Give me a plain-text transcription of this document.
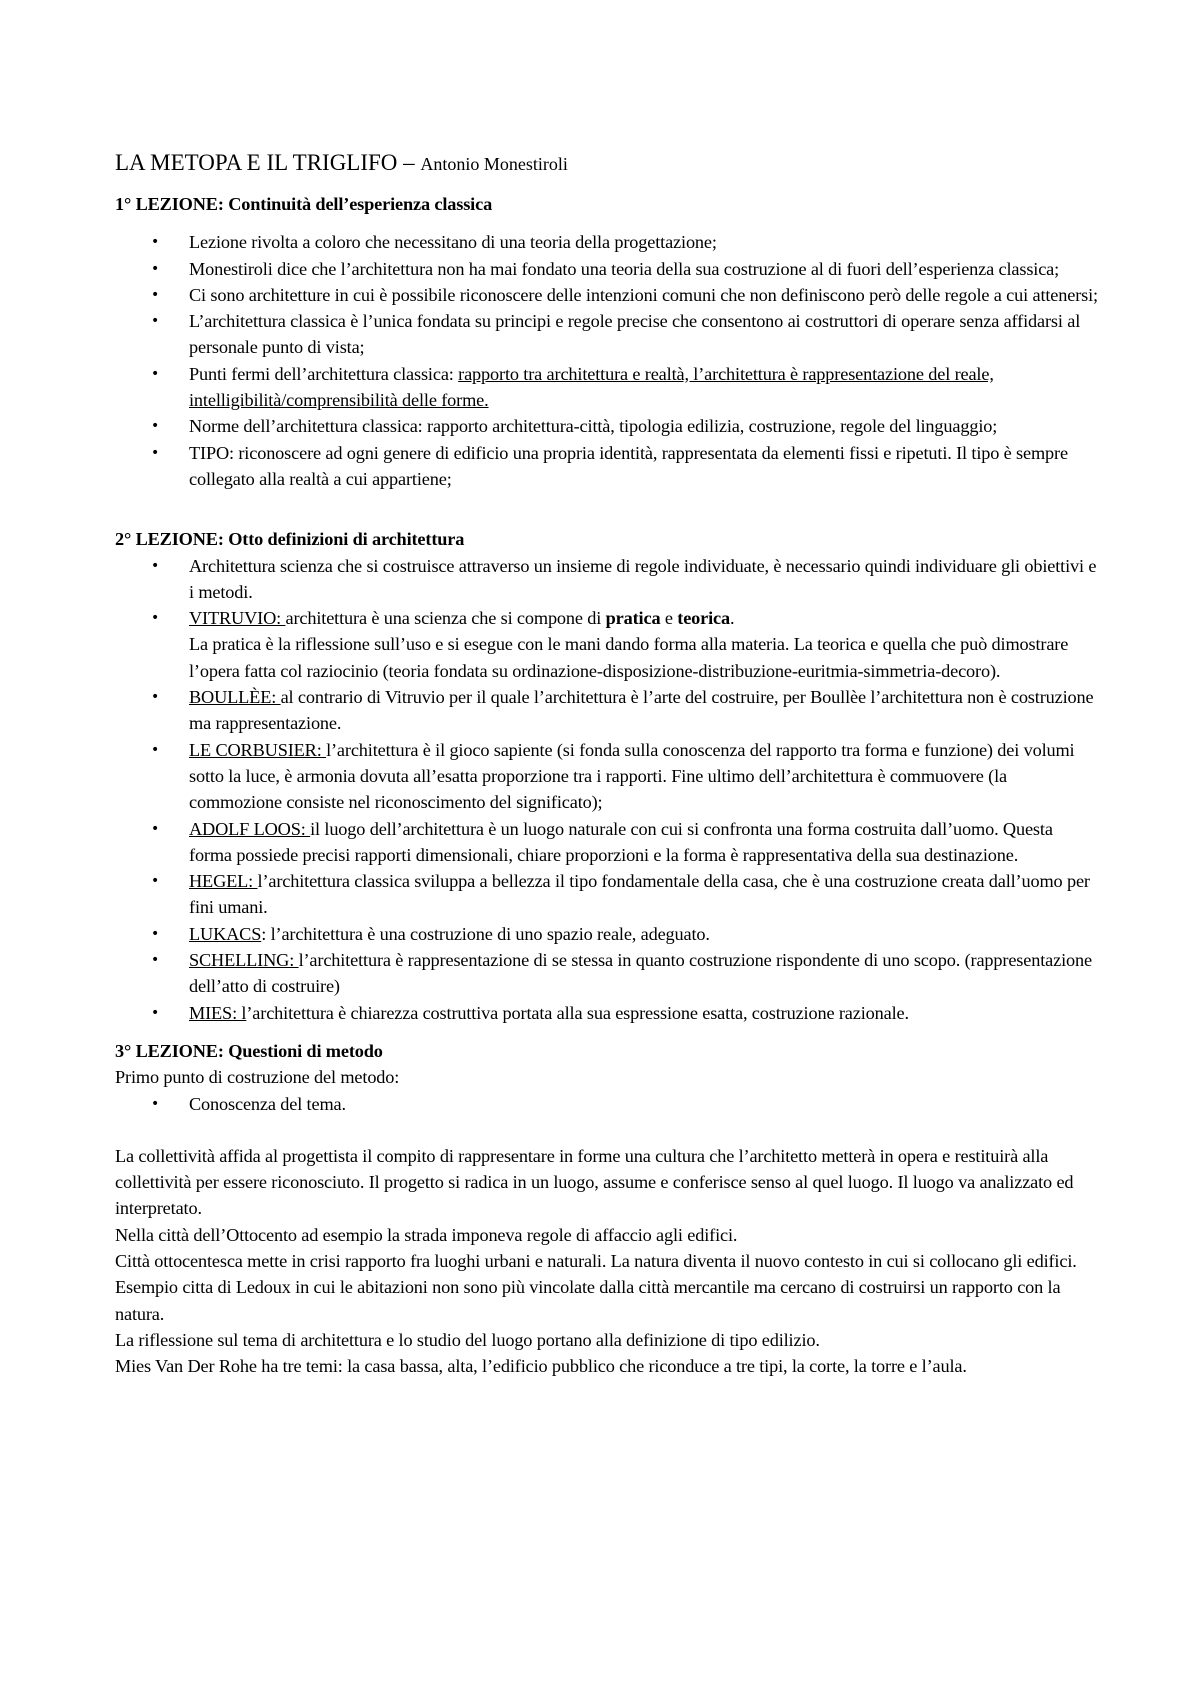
LA METOPA E IL TRIGLIFO – Antonio Monestiroli

1° LEZIONE: Continuità dell’esperienza classica

• Lezione rivolta a coloro che necessitano di una teoria della progettazione;
• Monestiroli dice che l’architettura non ha mai fondato una teoria della sua costruzione al di fuori dell’esperienza classica;
• Ci sono architetture in cui è possibile riconoscere delle intenzioni comuni che non definiscono però delle regole a cui attenersi;
• L’architettura classica è l’unica fondata su principi e regole precise che consentono ai costruttori di operare senza affidarsi al personale punto di vista;
• Punti fermi dell’architettura classica: rapporto tra architettura e realtà, l’architettura è rappresentazione del reale, intelligibilità/comprensibilità delle forme.
• Norme dell’architettura classica: rapporto architettura-città, tipologia edilizia, costruzione, regole del linguaggio;
• TIPO: riconoscere ad ogni genere di edificio una propria identità, rappresentata da elementi fissi e ripetuti. Il tipo è sempre collegato alla realtà a cui appartiene;

2° LEZIONE: Otto definizioni di architettura

• Architettura scienza che si costruisce attraverso un insieme di regole individuate, è necessario quindi individuare gli obiettivi e i metodi.
• VITRUVIO: architettura è una scienza che si compone di pratica e teorica.
La pratica è la riflessione sull’uso e si esegue con le mani dando forma alla materia. La teorica e quella che può dimostrare l’opera fatta col raziocinio (teoria fondata su ordinazione-disposizione-distribuzione-euritmia-simmetria-decoro).
• BOULLÈE: al contrario di Vitruvio per il quale l’architettura è l’arte del costruire, per Boullèe l’architettura non è costruzione ma rappresentazione.
• LE CORBUSIER: l’architettura è il gioco sapiente (si fonda sulla conoscenza del rapporto tra forma e funzione) dei volumi sotto la luce, è armonia dovuta all’esatta proporzione tra i rapporti. Fine ultimo dell’architettura è commuovere (la commozione consiste nel riconoscimento del significato);
• ADOLF LOOS: il luogo dell’architettura è un luogo naturale con cui si confronta una forma costruita dall’uomo. Questa forma possiede precisi rapporti dimensionali, chiare proporzioni e la forma è rappresentativa della sua destinazione.
• HEGEL: l’architettura classica sviluppa a bellezza il tipo fondamentale della casa, che è una costruzione creata dall’uomo per fini umani.
• LUKACS: l’architettura è una costruzione di uno spazio reale, adeguato.
• SCHELLING: l’architettura è rappresentazione di se stessa in quanto costruzione rispondente di uno scopo. (rappresentazione dell’atto di costruire)
• MIES: l’architettura è chiarezza costruttiva portata alla sua espressione esatta, costruzione razionale.

3° LEZIONE: Questioni di metodo

Primo punto di costruzione del metodo:

• Conoscenza del tema.

La collettività affida al progettista il compito di rappresentare in forme una cultura che l’architetto metterà in opera e restituirà alla collettività per essere riconosciuto. Il progetto si radica in un luogo, assume e conferisce senso al quel luogo. Il luogo va analizzato ed interpretato.

Nella città dell’Ottocento ad esempio la strada imponeva regole di affaccio agli edifici.

Città ottocentesca mette in crisi rapporto fra luoghi urbani e naturali. La natura diventa il nuovo contesto in cui si collocano gli edifici. Esempio citta di Ledoux in cui le abitazioni non sono più vincolate dalla città mercantile ma cercano di costruirsi un rapporto con la natura.

La riflessione sul tema di architettura e lo studio del luogo portano alla definizione di tipo edilizio.

Mies Van Der Rohe ha tre temi: la casa bassa, alta, l’edificio pubblico che riconduce a tre tipi, la corte, la torre e l’aula.
